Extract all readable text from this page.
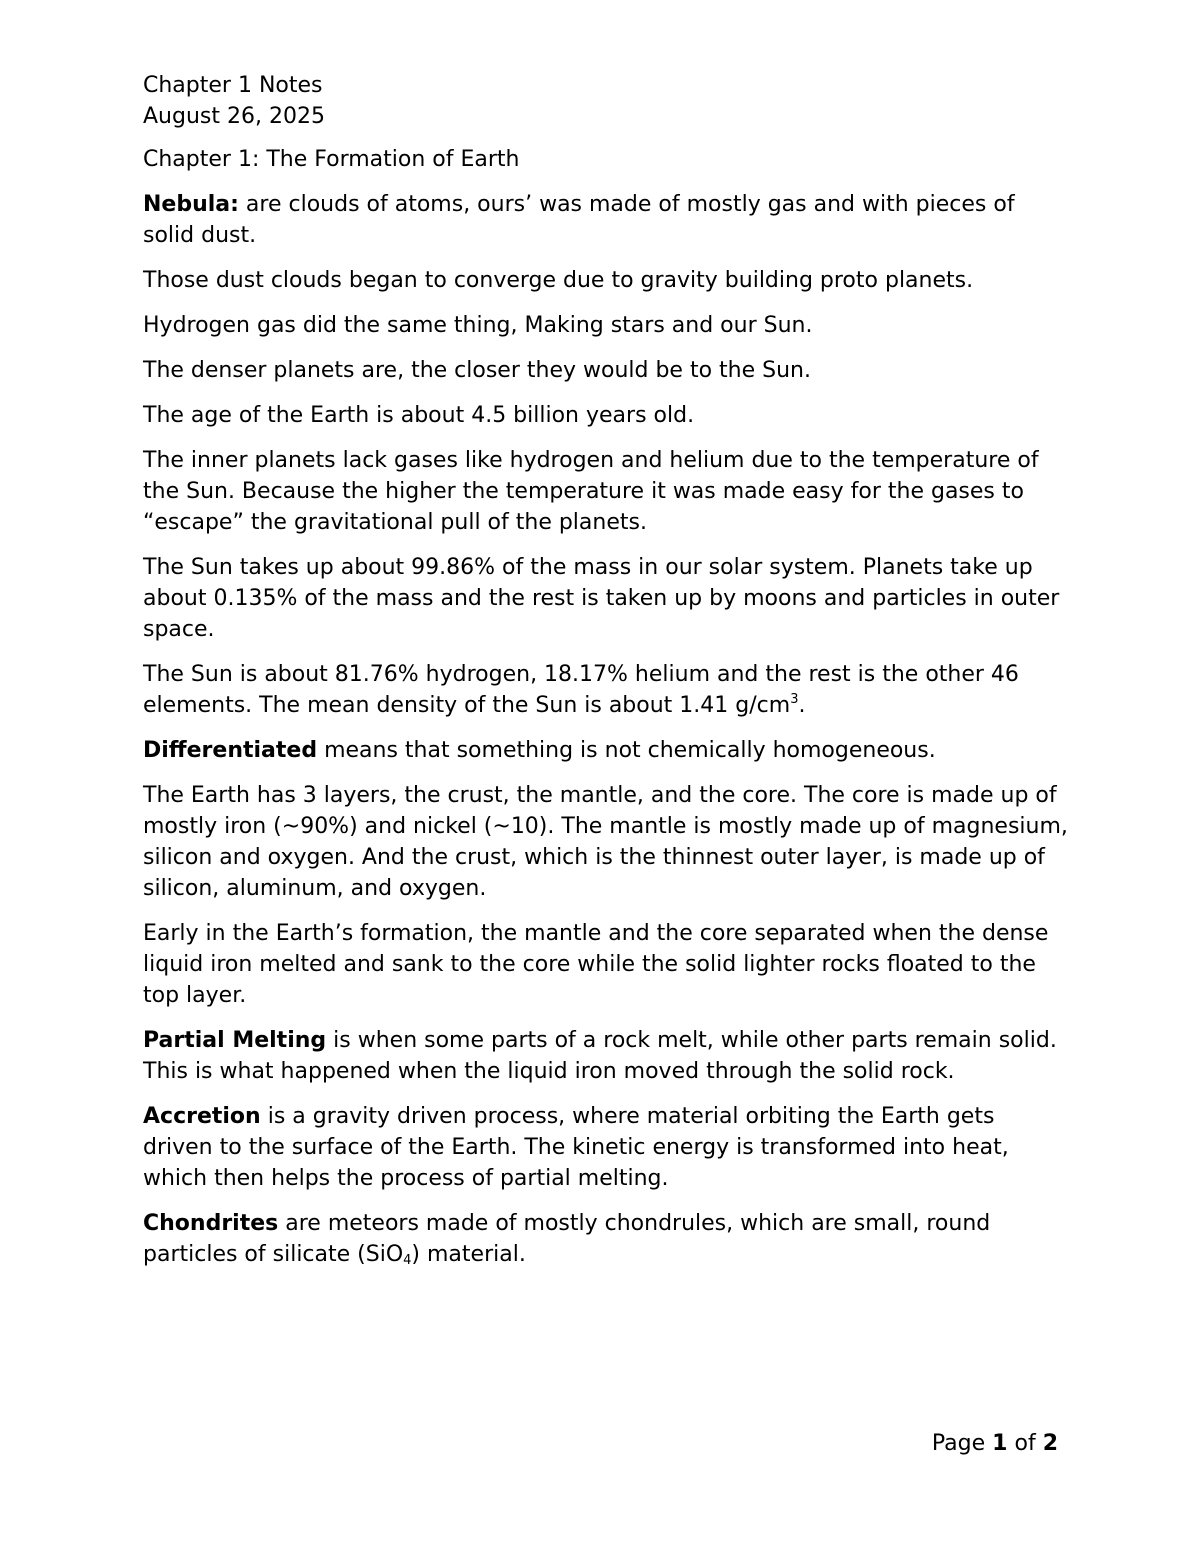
Chapter 1 Notes

August 26, 2025

Chapter 1: The Formation of Earth

Nebula: are clouds of atoms, ours’ was made of mostly gas and with pieces of solid dust.

Those dust clouds began to converge due to gravity building proto planets.

Hydrogen gas did the same thing, Making stars and our Sun.

The denser planets are, the closer they would be to the Sun.

The age of the Earth is about 4.5 billion years old.

The inner planets lack gases like hydrogen and helium due to the temperature of the Sun. Because the higher the temperature it was made easy for the gases to “escape” the gravitational pull of the planets.

The Sun takes up about 99.86% of the mass in our solar system. Planets take up about 0.135% of the mass and the rest is taken up by moons and particles in outer space.

The Sun is about 81.76% hydrogen, 18.17% helium and the rest is the other 46 elements. The mean density of the Sun is about 1.41 $g/cm^3$.

Differentiated means that something is not chemically homogeneous.

The Earth has 3 layers, the crust, the mantle, and the core. The core is made up of mostly iron (~90%) and nickel (~10). The mantle is mostly made up of magnesium, silicon and oxygen. And the crust, which is the thinnest outer layer, is made up of silicon, aluminum, and oxygen.

Early in the Earth’s formation, the mantle and the core separated when the dense liquid iron melted and sank to the core while the solid lighter rocks floated to the top layer.

Partial Melting is when some parts of a rock melt, while other parts remain solid. This is what happened when the liquid iron moved through the solid rock.

Accretion is a gravity driven process, where material orbiting the Earth gets driven to the surface of the Earth. The kinetic energy is transformed into heat, which then helps the process of partial melting.

Chondrites are meteors made of mostly chondrules, which are small, round particles of silicate (SiO$_4$) material.

Page 1 of 2
